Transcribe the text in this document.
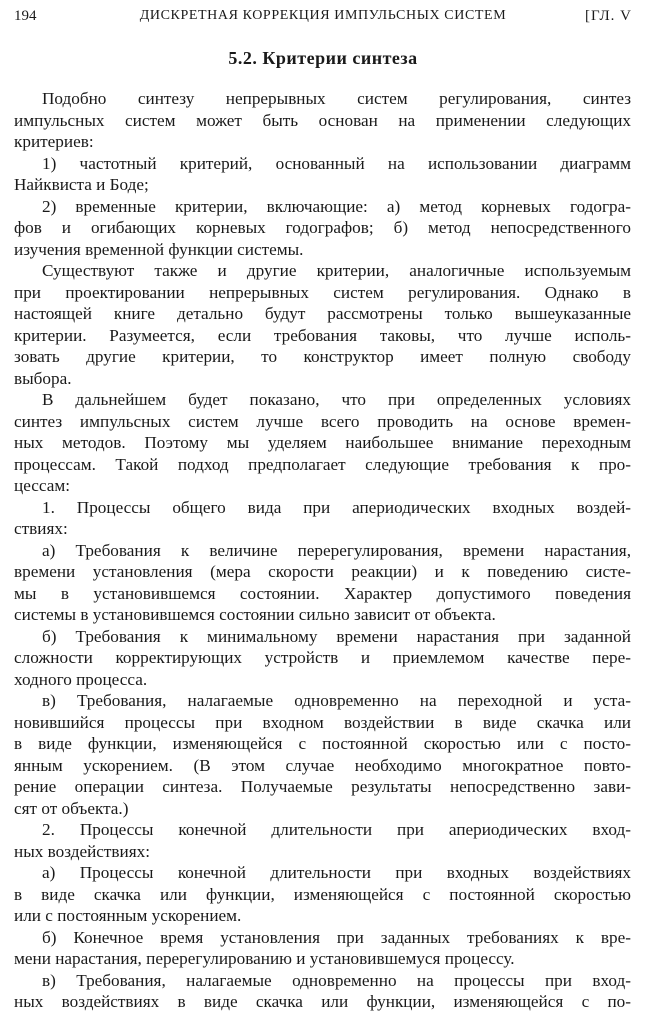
194	ДИСКРЕТНАЯ КОРРЕКЦИЯ ИМПУЛЬСНЫХ СИСТЕМ	[ГЛ. V
5.2. Критерии синтеза

Подобно синтезу непрерывных систем регулирования, синтез
импульсных систем может быть основан на применении следующих
критериев:

1) частотный критерий, основанный на использовании диаграмм
Найквиста и Боде;

2) временные критерии, включающие: а) метод корневых годогра-
фов и огибающих корневых годографов; б) метод непосредственного
изучения временной функции системы.

Существуют также и другие критерии, аналогичные используемым
при проектировании непрерывных систем регулирования. Однако в
настоящей книге детально будут рассмотрены только вышеуказанные
критерии. Разумеется, если требования таковы, что лучше исполь-
зовать другие критерии, то конструктор имеет полную свободу
выбора.

В дальнейшем будет показано, что при определенных условиях
синтез импульсных систем лучше всего проводить на основе времен-
ных методов. Поэтому мы уделяем наибольшее внимание переходным
процессам. Такой подход предполагает следующие требования к про-
цессам:

1. Процессы общего вида при апериодических входных воздей-
ствиях:

а) Требования к величине перерегулирования, времени нарастания,
времени установления (мера скорости реакции) и к поведению систе-
мы в установившемся состоянии. Характер допустимого поведения
системы в установившемся состоянии сильно зависит от объекта.

б) Требования к минимальному времени нарастания при заданной
сложности корректирующих устройств и приемлемом качестве пере-
ходного процесса.

в) Требования, налагаемые одновременно на переходной и уста-
новившийся процессы при входном воздействии в виде скачка или
в виде функции, изменяющейся с постоянной скоростью или с посто-
янным ускорением. (В этом случае необходимо многократное повто-
рение операции синтеза. Получаемые результаты непосредственно зави-
сят от объекта.)

2. Процессы конечной длительности при апериодических вход-
ных воздействиях:

а) Процессы конечной длительности при входных воздействиях
в виде скачка или функции, изменяющейся с постоянной скоростью
или с постоянным ускорением.

б) Конечное время установления при заданных требованиях к вре-
мени нарастания, перерегулированию и установившемуся процессу.

в) Требования, налагаемые одновременно на процессы при вход-
ных воздействиях в виде скачка или функции, изменяющейся с по-
